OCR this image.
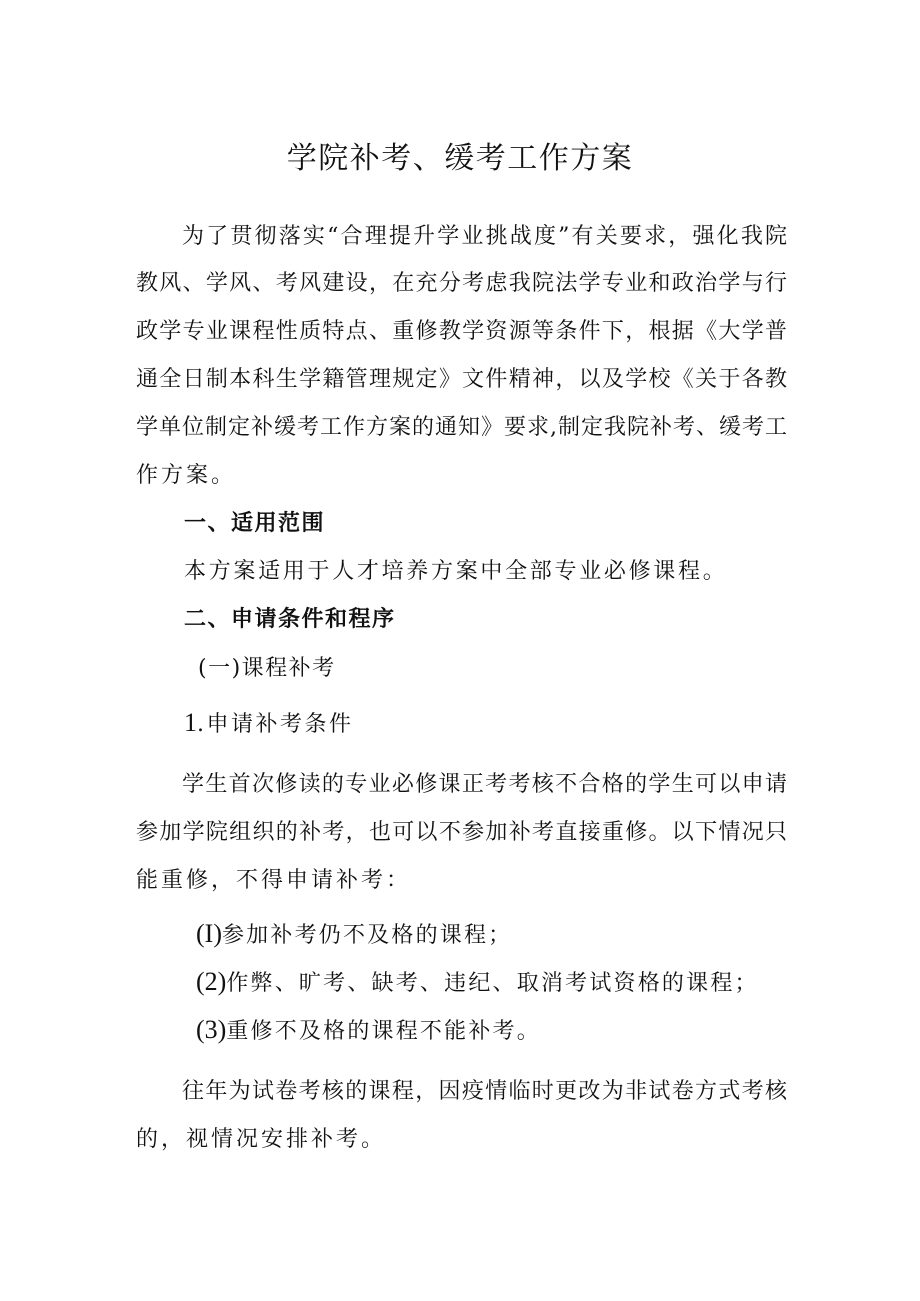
学院补考、缓考工作方案
为了贯彻落实“合理提升学业挑战度”有关要求，强化我院
教风、学风、考风建设，在充分考虑我院法学专业和政治学与行
政学专业课程性质特点、重修教学资源等条件下，根据《大学普
通全日制本科生学籍管理规定》文件精神，以及学校《关于各教
学单位制定补缓考工作方案的通知》要求,制定我院补考、缓考工
作方案。
一、适用范围
本方案适用于人才培养方案中全部专业必修课程。
二、申请条件和程序
(一)课程补考
1.申请补考条件
学生首次修读的专业必修课正考考核不合格的学生可以申请
参加学院组织的补考，也可以不参加补考直接重修。以下情况只
能重修，不得申请补考：
(I)参加补考仍不及格的课程；
(2)作弊、旷考、缺考、违纪、取消考试资格的课程；
(3)重修不及格的课程不能补考。
往年为试卷考核的课程，因疫情临时更改为非试卷方式考核
的，视情况安排补考。
